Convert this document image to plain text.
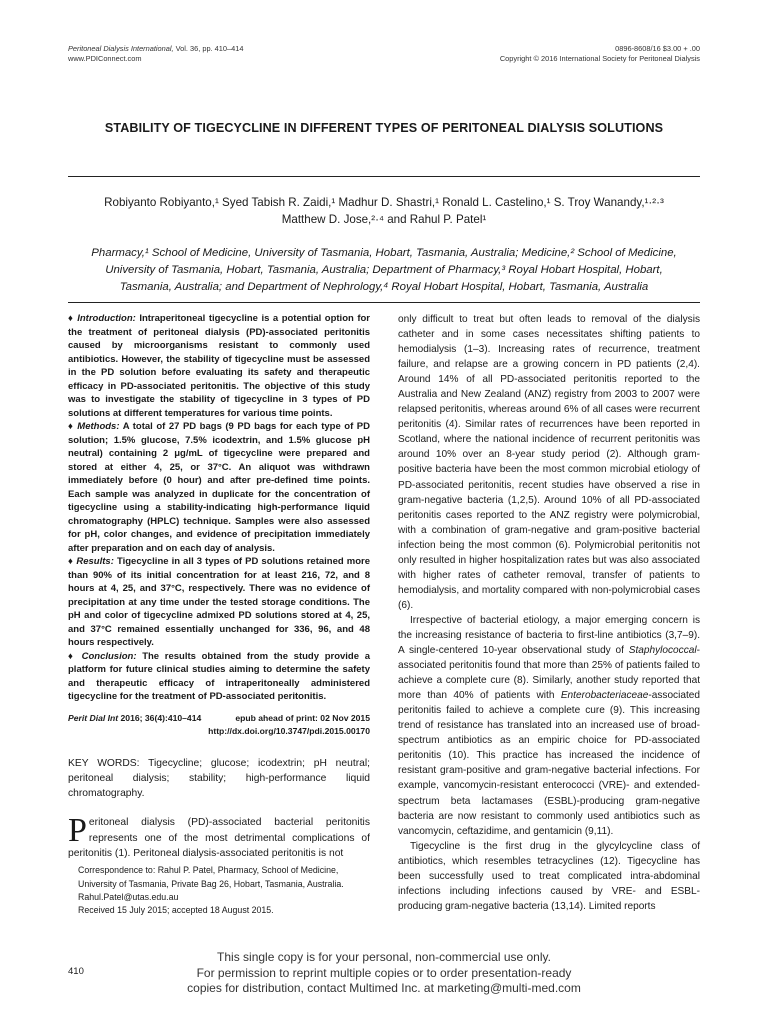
Peritoneal Dialysis International, Vol. 36, pp. 410–414
www.PDIConnect.com
0896-8608/16 $3.00 + .00
Copyright © 2016 International Society for Peritoneal Dialysis
STABILITY OF TIGECYCLINE IN DIFFERENT TYPES OF PERITONEAL DIALYSIS SOLUTIONS
Robiyanto Robiyanto,¹ Syed Tabish R. Zaidi,¹ Madhur D. Shastri,¹ Ronald L. Castelino,¹ S. Troy Wanandy,¹·²·³
Matthew D. Jose,²·⁴ and Rahul P. Patel¹
Pharmacy,¹ School of Medicine, University of Tasmania, Hobart, Tasmania, Australia; Medicine,² School of Medicine,
University of Tasmania, Hobart, Tasmania, Australia; Department of Pharmacy,³ Royal Hobart Hospital, Hobart,
Tasmania, Australia; and Department of Nephrology,⁴ Royal Hobart Hospital, Hobart, Tasmania, Australia

♦ Introduction: Intraperitoneal tigecycline is a potential option for the treatment of peritoneal dialysis (PD)-associated peritonitis caused by microorganisms resistant to commonly used antibiotics. However, the stability of tigecycline must be assessed in the PD solution before evaluating its safety and therapeutic efficacy in PD-associated peritonitis. The objective of this study was to investigate the stability of tigecycline in 3 types of PD solutions at different temperatures for various time points.

♦ Methods: A total of 27 PD bags (9 PD bags for each type of PD solution; 1.5% glucose, 7.5% icodextrin, and 1.5% glucose pH neutral) containing 2 μg/mL of tigecycline were prepared and stored at either 4, 25, or 37°C. An aliquot was withdrawn immediately before (0 hour) and after pre-defined time points. Each sample was analyzed in duplicate for the concentration of tigecycline using a stability-indicating high-performance liquid chromatography (HPLC) technique. Samples were also assessed for pH, color changes, and evidence of precipitation immediately after preparation and on each day of analysis.

♦ Results: Tigecycline in all 3 types of PD solutions retained more than 90% of its initial concentration for at least 216, 72, and 8 hours at 4, 25, and 37°C, respectively. There was no evidence of precipitation at any time under the tested storage conditions. The pH and color of tigecycline admixed PD solutions stored at 4, 25, and 37°C remained essentially unchanged for 336, 96, and 48 hours respectively.

♦ Conclusion: The results obtained from the study provide a platform for future clinical studies aiming to determine the safety and therapeutic efficacy of intraperitoneally administered tigecycline for the treatment of PD-associated peritonitis.

Perit Dial Int 2016; 36(4):410–414	epub ahead of print: 02 Nov 2015
http://dx.doi.org/10.3747/pdi.2015.00170
KEY WORDS: Tigecycline; glucose; icodextrin; pH neutral; peritoneal dialysis; stability; high-performance liquid chromatography.
Peritoneal dialysis (PD)-associated bacterial peritonitis represents one of the most detrimental complications of peritonitis (1). Peritoneal dialysis-associated peritonitis is not
Correspondence to: Rahul P. Patel, Pharmacy, School of Medicine, University of Tasmania, Private Bag 26, Hobart, Tasmania, Australia.
Rahul.Patel@utas.edu.au
Received 15 July 2015; accepted 18 August 2015.

only difficult to treat but often leads to removal of the dialysis catheter and in some cases necessitates shifting patients to hemodialysis (1–3). Increasing rates of recurrence, treatment failure, and relapse are a growing concern in PD patients (2,4). Around 14% of all PD-associated peritonitis reported to the Australia and New Zealand (ANZ) registry from 2003 to 2007 were relapsed peritonitis, whereas around 6% of all cases were recurrent peritonitis (4). Similar rates of recurrences have been reported in Scotland, where the national incidence of recurrent peritonitis was around 10% over an 8-year study period (2). Although gram-positive bacteria have been the most common microbial etiology of PD-associated peritonitis, recent studies have observed a rise in gram-negative bacteria (1,2,5). Around 10% of all PD-associated peritonitis cases reported to the ANZ registry were polymicrobial, with a combination of gram-negative and gram-positive bacterial infection being the most common (6). Polymicrobial peritonitis not only resulted in higher hospitalization rates but was also associated with higher rates of catheter removal, transfer of patients to hemodialysis, and mortality compared with non-polymicrobial cases (6).

Irrespective of bacterial etiology, a major emerging concern is the increasing resistance of bacteria to first-line antibiotics (3,7–9). A single-centered 10-year observational study of Staphylococcal-associated peritonitis found that more than 25% of patients failed to achieve a complete cure (8). Similarly, another study reported that more than 40% of patients with Enterobacteriaceae-associated peritonitis failed to achieve a complete cure (9). This increasing trend of resistance has translated into an increased use of broad-spectrum antibiotics as an empiric choice for PD-associated peritonitis (10). This practice has increased the incidence of resistant gram-positive and gram-negative bacterial infections. For example, vancomycin-resistant enterococci (VRE)- and extended-spectrum beta lactamases (ESBL)-producing gram-negative bacteria are now resistant to commonly used antibiotics such as vancomycin, ceftazidime, and gentamicin (9,11).

Tigecycline is the first drug in the glycylcycline class of antibiotics, which resembles tetracyclines (12). Tigecycline has been successfully used to treat complicated intra-abdominal infections including infections caused by VRE- and ESBL-producing gram-negative bacteria (13,14). Limited reports

410
This single copy is for your personal, non-commercial use only.
For permission to reprint multiple copies or to order presentation-ready
copies for distribution, contact Multimed Inc. at marketing@multi-med.com
